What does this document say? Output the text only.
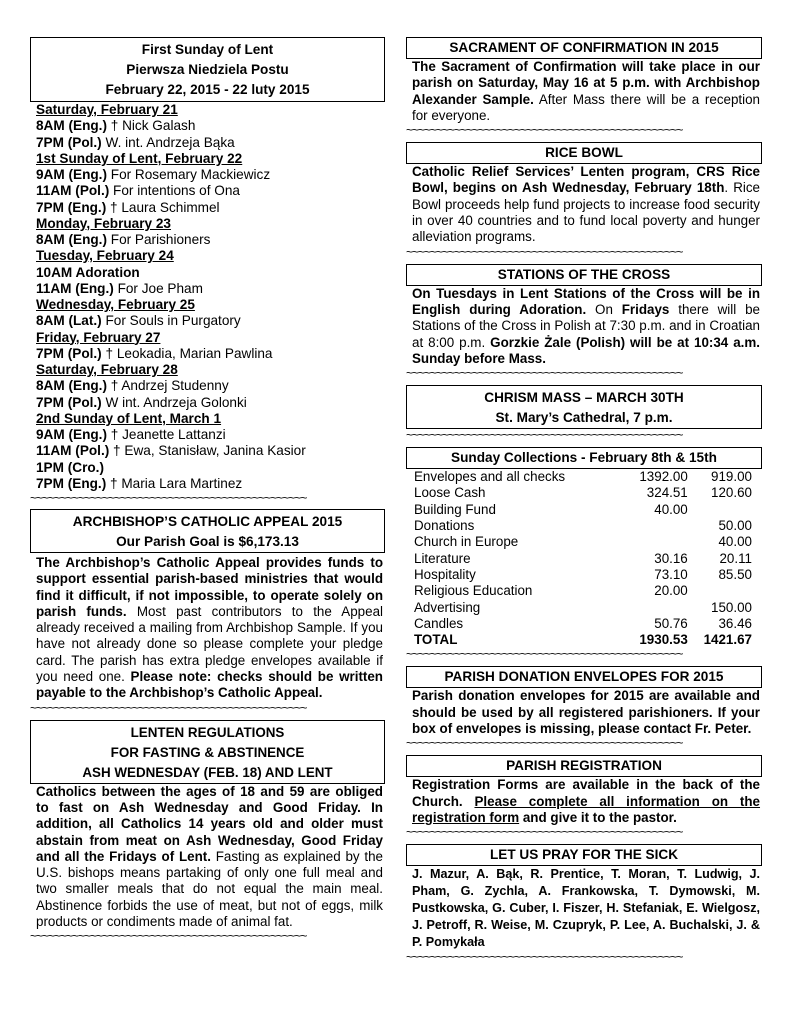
First Sunday of Lent
Pierwsza Niedziela Postu
February 22, 2015 - 22 luty 2015
Saturday, February 21
8AM (Eng.) † Nick Galash
7PM (Pol.) W. int. Andrzeja Bąka
1st Sunday of Lent, February 22
9AM (Eng.) For Rosemary Mackiewicz
11AM (Pol.) For intentions of Ona
7PM (Eng.) † Laura Schimmel
Monday, February 23
8AM (Eng.) For Parishioners
Tuesday, February 24
10AM Adoration
11AM (Eng.) For Joe Pham
Wednesday, February 25
8AM (Lat.) For Souls in Purgatory
Friday, February 27
7PM (Pol.) † Leokadia, Marian Pawlina
Saturday, February 28
8AM (Eng.) † Andrzej Studenny
7PM (Pol.) W int. Andrzeja Golonki
2nd Sunday of Lent, March 1
9AM (Eng.) † Jeanette Lattanzi
11AM (Pol.) † Ewa, Stanisław, Janina Kasior
1PM (Cro.)
7PM (Eng.) † Maria Lara Martinez
~~~~~~~~~~~~~~~~~~~~~~~~~~~~~~~~~~~~~~~~~~~~~~
ARCHBISHOP’S CATHOLIC APPEAL 2015
Our Parish Goal is $6,173.13
The Archbishop’s Catholic Appeal provides funds to support essential parish-based ministries that would find it difficult, if not impossible, to operate solely on parish funds. Most past contributors to the Appeal already received a mailing from Archbishop Sample. If you have not already done so please complete your pledge card. The parish has extra pledge envelopes available if you need one. Please note: checks should be written payable to the Archbishop’s Catholic Appeal.
~~~~~~~~~~~~~~~~~~~~~~~~~~~~~~~~~~~~~~~~~~~~~~
LENTEN REGULATIONS
FOR FASTING & ABSTINENCE
ASH WEDNESDAY (FEB. 18) AND LENT
Catholics between the ages of 18 and 59 are obliged to fast on Ash Wednesday and Good Friday. In addition, all Catholics 14 years old and older must abstain from meat on Ash Wednesday, Good Friday and all the Fridays of Lent. Fasting as explained by the U.S. bishops means partaking of only one full meal and two smaller meals that do not equal the main meal. Abstinence forbids the use of meat, but not of eggs, milk products or condiments made of animal fat.
~~~~~~~~~~~~~~~~~~~~~~~~~~~~~~~~~~~~~~~~~~~~~~
SACRAMENT OF CONFIRMATION IN 2015
The Sacrament of Confirmation will take place in our parish on Saturday, May 16 at 5 p.m. with Archbishop Alexander Sample. After Mass there will be a reception for everyone.
~~~~~~~~~~~~~~~~~~~~~~~~~~~~~~~~~~~~~~~~~~~~~~
RICE BOWL
Catholic Relief Services’ Lenten program, CRS Rice Bowl, begins on Ash Wednesday, February 18th. Rice Bowl proceeds help fund projects to increase food security in over 40 countries and to fund local poverty and hunger alleviation programs.
~~~~~~~~~~~~~~~~~~~~~~~~~~~~~~~~~~~~~~~~~~~~~~
STATIONS OF THE CROSS
On Tuesdays in Lent Stations of the Cross will be in English during Adoration. On Fridays there will be Stations of the Cross in Polish at 7:30 p.m. and in Croatian at 8:00 p.m. Gorzkie Żale (Polish) will be at 10:34 a.m. Sunday before Mass.
~~~~~~~~~~~~~~~~~~~~~~~~~~~~~~~~~~~~~~~~~~~~~~
CHRISM MASS – MARCH 30TH
St. Mary’s Cathedral, 7 p.m.
~~~~~~~~~~~~~~~~~~~~~~~~~~~~~~~~~~~~~~~~~~~~~~
Sunday Collections - February 8th & 15th
Envelopes and all checks	1392.00	919.00
Loose Cash	324.51	120.60
Building Fund	40.00	
Donations		50.00
Church in Europe		40.00
Literature	30.16	20.11
Hospitality	73.10	85.50
Religious Education	20.00	
Advertising		150.00
Candles	50.76	36.46
TOTAL	1930.53	1421.67
~~~~~~~~~~~~~~~~~~~~~~~~~~~~~~~~~~~~~~~~~~~~~~
PARISH DONATION ENVELOPES FOR 2015
Parish donation envelopes for 2015 are available and should be used by all registered parishioners. If your box of envelopes is missing, please contact Fr. Peter.
~~~~~~~~~~~~~~~~~~~~~~~~~~~~~~~~~~~~~~~~~~~~~~
PARISH REGISTRATION
Registration Forms are available in the back of the Church. Please complete all information on the registration form and give it to the pastor.
~~~~~~~~~~~~~~~~~~~~~~~~~~~~~~~~~~~~~~~~~~~~~~
LET US PRAY FOR THE SICK
J. Mazur, A. Bąk, R. Prentice, T. Moran, T. Ludwig, J. Pham, G. Zychla, A. Frankowska, T. Dymowski, M. Pustkowska, G. Cuber, I. Fiszer, H. Stefaniak, E. Wielgosz, J. Petroff, R. Weise, M. Czupryk, P. Lee, A. Buchalski, J. & P. Pomykała
~~~~~~~~~~~~~~~~~~~~~~~~~~~~~~~~~~~~~~~~~~~~~~
